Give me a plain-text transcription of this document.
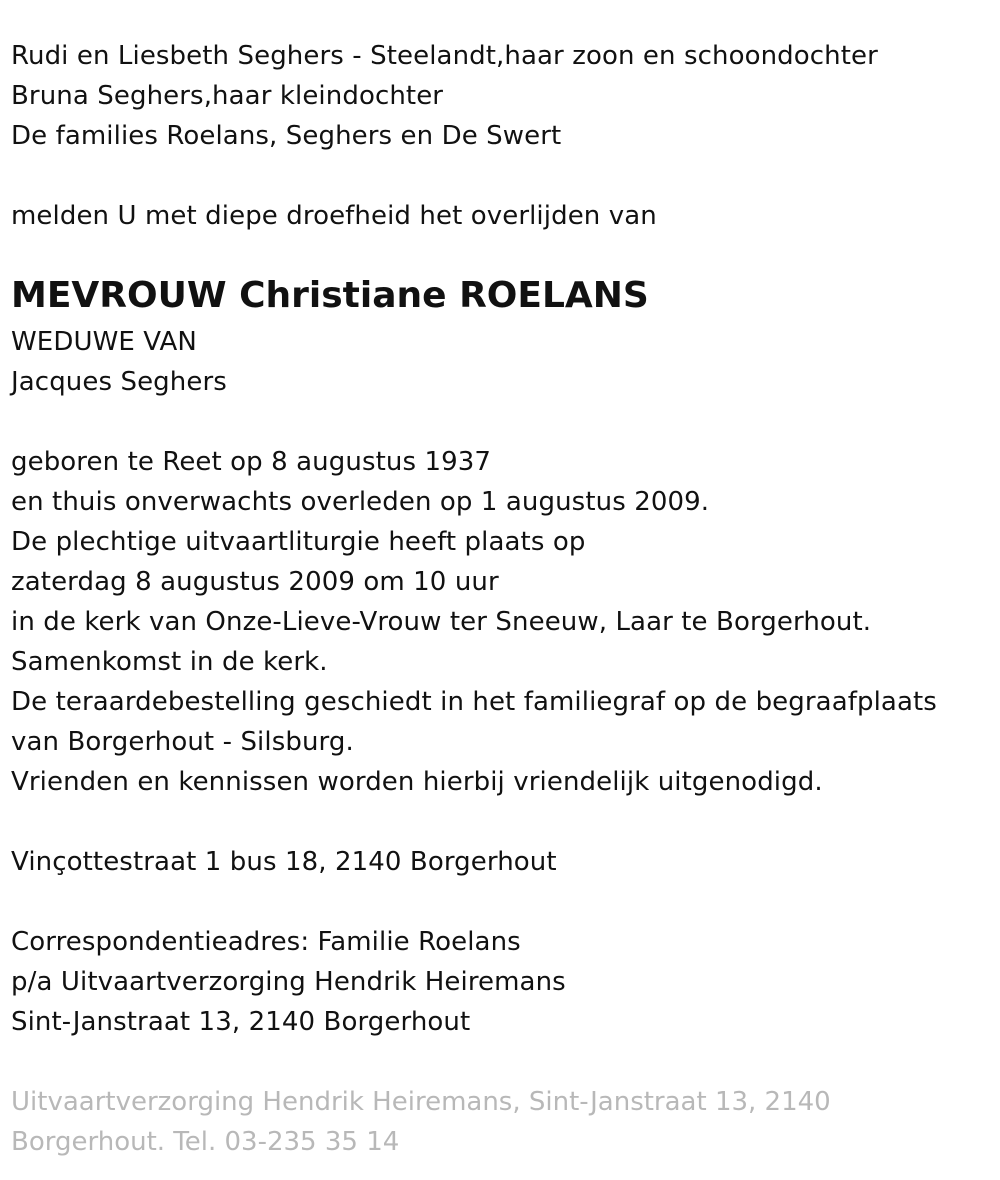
Rudi en Liesbeth Seghers - Steelandt,haar zoon en schoondochter
Bruna Seghers,haar kleindochter
De families Roelans, Seghers en De Swert
melden U met diepe droefheid het overlijden van
MEVROUW Christiane ROELANS
WEDUWE VAN
Jacques Seghers
geboren te Reet op 8 augustus 1937
en thuis onverwachts overleden op 1 augustus 2009.
De plechtige uitvaartliturgie heeft plaats op
zaterdag 8 augustus 2009 om 10 uur
in de kerk van Onze-Lieve-Vrouw ter Sneeuw, Laar te Borgerhout.
Samenkomst in de kerk.
De teraardebestelling geschiedt in het familiegraf op de begraafplaats
van Borgerhout - Silsburg.
Vrienden en kennissen worden hierbij vriendelijk uitgenodigd.
Vinçottestraat 1 bus 18, 2140 Borgerhout
Correspondentieadres: Familie Roelans
p/a Uitvaartverzorging Hendrik Heiremans
Sint-Janstraat 13, 2140 Borgerhout
Uitvaartverzorging Hendrik Heiremans, Sint-Janstraat 13, 2140
Borgerhout. Tel. 03-235 35 14
